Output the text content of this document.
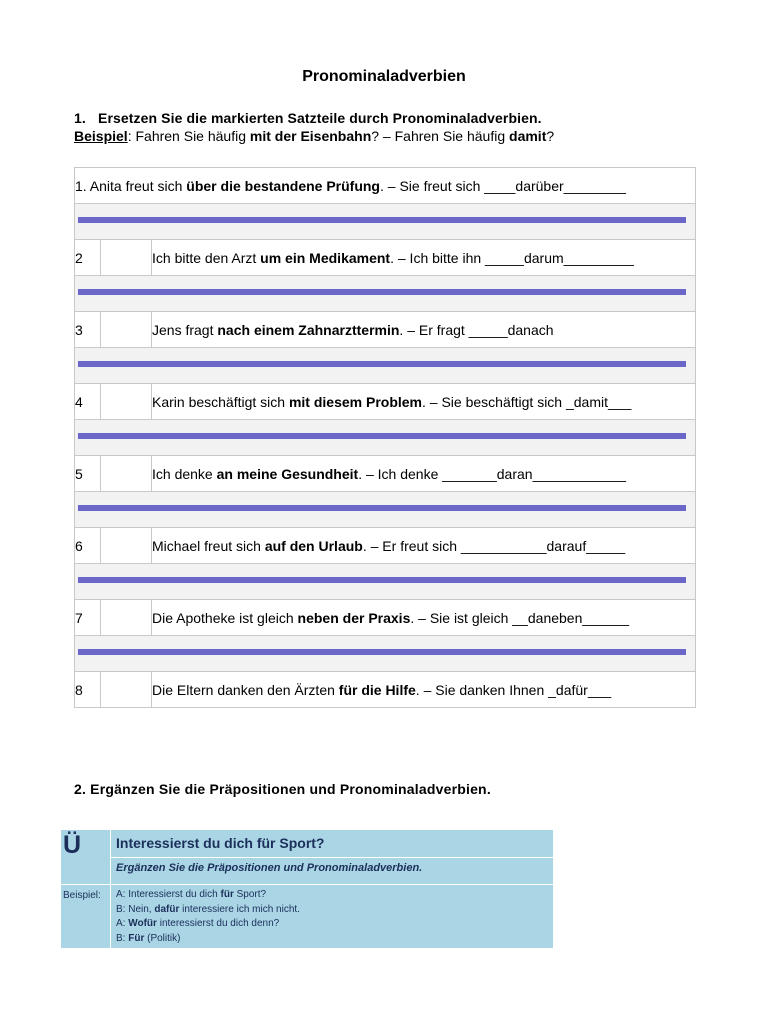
Pronominaladverbien
1. Ersetzen Sie die markierten Satzteile durch Pronominaladverbien.
Beispiel: Fahren Sie häufig mit der Eisenbahn? – Fahren Sie häufig damit?
1. Anita freut sich über die bestandene Prüfung. – Sie freut sich ____darüber________		

2		Ich bitte den Arzt um ein Medikament. – Ich bitte ihn _____darum_________

3		Jens fragt nach einem Zahnarzttermin. – Er fragt _____danach

4		Karin beschäftigt sich mit diesem Problem. – Sie beschäftigt sich _damit___

5		Ich denke an meine Gesundheit. – Ich denke _______daran____________

6		Michael freut sich auf den Urlaub. – Er freut sich ___________darauf_____

7		Die Apotheke ist gleich neben der Praxis. – Sie ist gleich __daneben______

8		Die Eltern danken den Ärzten für die Hilfe. – Sie danken Ihnen _dafür___
2. Ergänzen Sie die Präpositionen und Pronominaladverbien.
Ü
Beispiel:
Interessierst du dich für Sport?
Ergänzen Sie die Präpositionen und Pronominaladverbien.
A: Interessierst du dich für Sport?
B: Nein, dafür interessiere ich mich nicht.
A: Wofür interessierst du dich denn?
B: Für (Politik)
